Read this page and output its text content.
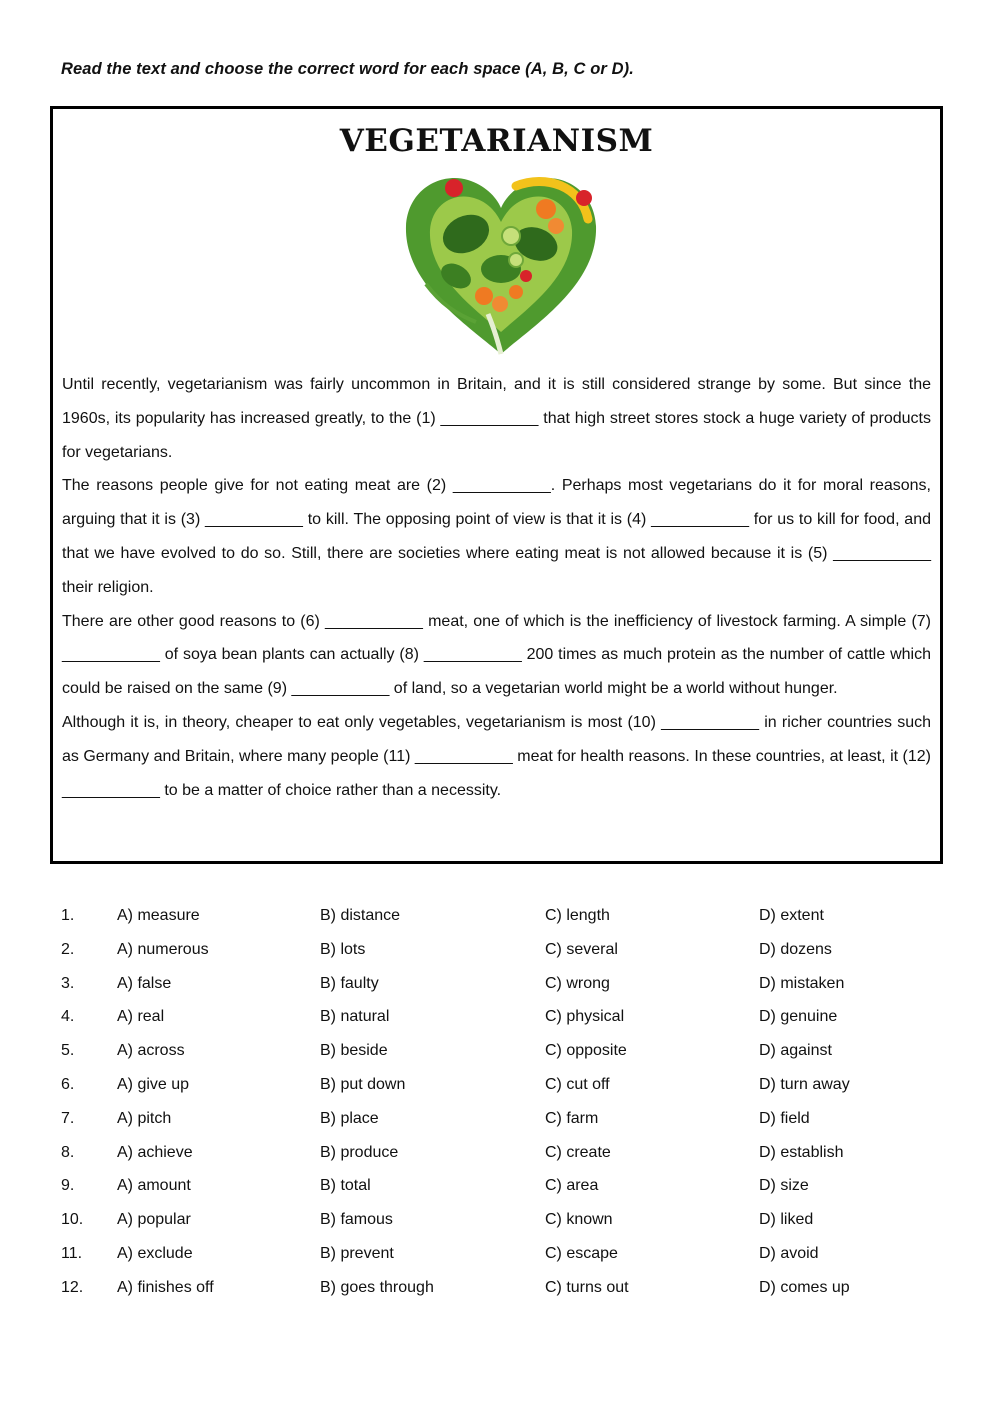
Read the text and choose the correct word for each space (A, B, C or D).
VEGETARIANISM

Until recently, vegetarianism was fairly uncommon in Britain, and it is still considered strange by some. But since the 1960s, its popularity has increased greatly, to the (1) ___________ that high street stores stock a huge variety of products for vegetarians.

The reasons people give for not eating meat are (2) ___________. Perhaps most vegetarians do it for moral reasons, arguing that it is (3) ___________ to kill. The opposing point of view is that it is (4) ___________ for us to kill for food, and that we have evolved to do so. Still, there are societies where eating meat is not allowed because it is (5) ___________ their religion.

There are other good reasons to (6) ___________ meat, one of which is the inefficiency of livestock farming. A simple (7) ___________ of soya bean plants can actually (8) ___________ 200 times as much protein as the number of cattle which could be raised on the same (9) ___________ of land, so a vegetarian world might be a world without hunger.

Although it is, in theory, cheaper to eat only vegetables, vegetarianism is most (10) ___________ in richer countries such as Germany and Britain, where many people (11) ___________ meat for health reasons. In these countries, at least, it (12) ___________ to be a matter of choice rather than a necessity.

1.	A) measure	B) distance	C) length	D) extent
2.	A) numerous	B) lots	C) several	D) dozens
3.	A) false	B) faulty	C) wrong	D) mistaken
4.	A) real	B) natural	C) physical	D) genuine
5.	A) across	B) beside	C) opposite	D) against
6.	A) give up	B) put down	C) cut off	D) turn away
7.	A) pitch	B) place	C) farm	D) field
8.	A) achieve	B) produce	C) create	D) establish
9.	A) amount	B) total	C) area	D) size
10. A) popular	B) famous	C) known	D) liked
11. A) exclude	B) prevent	C) escape	D) avoid
12. A) finishes off	B) goes through	C) turns out	D) comes up
